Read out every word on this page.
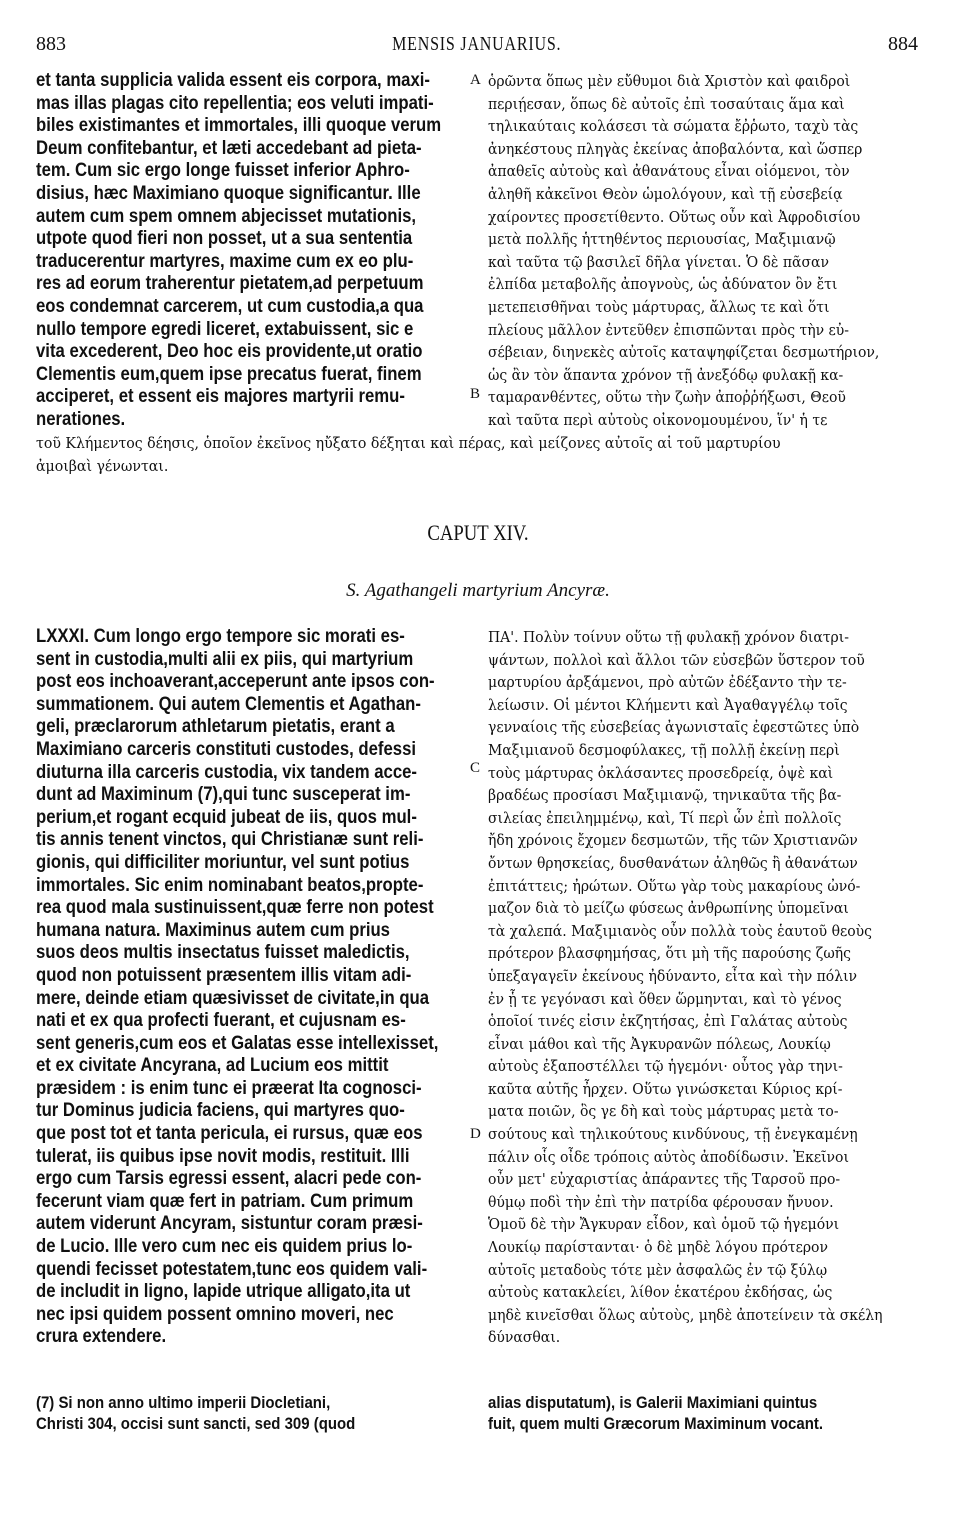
883	MENSIS JANUARIUS.	884
et tanta supplicia valida essent eis corpora, maxi-
mas illas plagas cito repellentia; eos veluti impati-
biles existimantes et immortales, illi quoque verum
Deum confitebantur, et læti accedebant ad pieta-
tem. Cum sic ergo longe fuisset inferior Aphro-
disius, hæc Maximiano quoque significantur. Ille
autem cum spem omnem abjecisset mutationis,
utpote quod fieri non posset, ut a sua sententia
traducerentur martyres, maxime cum ex eo plu-
res ad eorum traherentur pietatem,ad perpetuum
eos condemnat carcerem, ut cum custodia,a qua
nullo tempore egredi liceret, extabuissent, sic e
vita excederent, Deo hoc eis providente,ut oratio
Clementis eum,quem ipse precatus fuerat, finem
acciperet, et essent eis majores martyrii remu-
nerationes.
ὁρῶντα ὅπως μὲν εὔθυμοι διὰ Χριστὸν καὶ φαιδροὶ
περιῄεσαν, ὅπως δὲ αὐτοῖς ἐπὶ τοσαύταις ἅμα καὶ
τηλικαύταις κολάσεσι τὰ σώματα ἔῤῥωτο, ταχὺ τὰς
ἀνηκέστους πληγὰς ἐκείνας ἀποβαλόντα, καὶ ὥσπερ
ἀπαθεῖς αὐτοὺς καὶ ἀθανάτους εἶναι οἰόμενοι, τὸν
ἀληθῆ κἀκεῖνοι Θεὸν ὡμολόγουν, καὶ τῇ εὐσεβείᾳ
χαίροντες προσετίθεντο. Οὕτως οὖν καὶ Ἀφροδισίου
μετὰ πολλῆς ἡττηθέντος περιουσίας, Μαξιμιανῷ
καὶ ταῦτα τῷ βασιλεῖ δῆλα γίνεται. Ὁ δὲ πᾶσαν
ἐλπίδα μεταβολῆς ἀπογνοὺς, ὡς ἀδύνατον ὂν ἔτι
μετεπεισθῆναι τοὺς μάρτυρας, ἄλλως τε καὶ ὅτι
πλείους μᾶλλον ἐντεῦθεν ἐπισπῶνται πρὸς τὴν εὐ-
σέβειαν, διηνεκὲς αὐτοῖς καταψηφίζεται δεσμωτήριον,
ὡς ἂν τὸν ἅπαντα χρόνον τῇ ἀνεξόδῳ φυλακῇ κα-
ταμαρανθέντες, οὕτω τὴν ζωὴν ἀποῤῥήξωσι, Θεοῦ
καὶ ταῦτα περὶ αὐτοὺς οἰκονομουμένου, ἵν' ἡ τε
A
B
τοῦ Κλήμεντος δέησις, ὁποῖον ἐκεῖνος ηὔξατο δέξηται καὶ πέρας, καὶ μείζονες αὐτοῖς αἱ τοῦ μαρτυρίου
ἀμοιβαὶ γένωνται.
CAPUT XIV.
S. Agathangeli martyrium Ancyræ.
LXXXI. Cum longo ergo tempore sic morati es-
sent in custodia,multi alii ex piis, qui martyrium
post eos inchoaverant,acceperunt ante ipsos con-
summationem. Qui autem Clementis et Agathan-
geli, præclarorum athletarum pietatis, erant a
Maximiano carceris constituti custodes, defessi
diuturna illa carceris custodia, vix tandem acce-
dunt ad Maximinum (7),qui tunc susceperat im-
perium,et rogant ecquid jubeat de iis, quos mul-
tis annis tenent vinctos, qui Christianæ sunt reli-
gionis, qui difficiliter moriuntur, vel sunt potius
immortales. Sic enim nominabant beatos,propte-
rea quod mala sustinuissent,quæ ferre non potest
humana natura. Maximinus autem cum prius
suos deos multis insectatus fuisset maledictis,
quod non potuissent præsentem illis vitam adi-
mere, deinde etiam quæsivisset de civitate,in qua
nati et ex qua profecti fuerant, et cujusnam es-
sent generis,cum eos et Galatas esse intellexisset,
et ex civitate Ancyrana, ad Lucium eos mittit
præsidem : is enim tunc ei præerat Ita cognosci-
tur Dominus judicia faciens, qui martyres quo-
que post tot et tanta pericula, ei rursus, quæ eos
tulerat, iis quibus ipse novit modis, restituit. Illi
ergo cum Tarsis egressi essent, alacri pede con-
fecerunt viam quæ fert in patriam. Cum primum
autem viderunt Ancyram, sistuntur coram præsi-
de Lucio. Ille vero cum nec eis quidem prius lo-
quendi fecisset potestatem,tunc eos quidem vali-
de includit in ligno, lapide utrique alligato,ita ut
nec ipsi quidem possent omnino moveri, nec
crura extendere.
ΠΑ'. Πολὺν τοίνυν οὕτω τῇ φυλακῇ χρόνον διατρι-
ψάντων, πολλοὶ καὶ ἄλλοι τῶν εὐσεβῶν ὕστερον τοῦ
μαρτυρίου ἀρξάμενοι, πρὸ αὐτῶν ἐδέξαντο τὴν τε-
λείωσιν. Οἱ μέντοι Κλήμεντι καὶ Ἀγαθαγγέλῳ τοῖς
γενναίοις τῆς εὐσεβείας ἀγωνισταῖς ἐφεστῶτες ὑπὸ
Μαξιμιανοῦ δεσμοφύλακες, τῇ πολλῇ ἐκείνῃ περὶ
τοὺς μάρτυρας ὀκλάσαντες προσεδρείᾳ, ὀψὲ καὶ
βραδέως προσίασι Μαξιμιανῷ, τηνικαῦτα τῆς βα-
σιλείας ἐπειλημμένῳ, καὶ, Τί περὶ ὧν ἐπὶ πολλοῖς
ἤδη χρόνοις ἔχομεν δεσμωτῶν, τῆς τῶν Χριστιανῶν
ὄντων θρησκείας, δυσθανάτων ἀληθῶς ἢ ἀθανάτων
ἐπιτάττεις; ἠρώτων. Οὕτω γὰρ τοὺς μακαρίους ὠνό-
μαζον διὰ τὸ μείζω φύσεως ἀνθρωπίνης ὑπομεῖναι
τὰ χαλεπά. Μαξιμιανὸς οὖν πολλὰ τοὺς ἑαυτοῦ θεοὺς
πρότερον βλασφημήσας, ὅτι μὴ τῆς παρούσης ζωῆς
ὑπεξαγαγεῖν ἐκείνους ἠδύναντο, εἶτα καὶ τὴν πόλιν
ἐν ᾗ τε γεγόνασι καὶ ὅθεν ὥρμηνται, καὶ τὸ γένος
ὁποῖοί τινές εἰσιν ἐκζητήσας, ἐπὶ Γαλάτας αὐτοὺς
εἶναι μάθοι καὶ τῆς Ἀγκυρανῶν πόλεως, Λουκίῳ
αὐτοὺς ἐξαποστέλλει τῷ ἡγεμόνι· οὗτος γὰρ τηνι-
καῦτα αὐτῆς ἦρχεν. Οὕτω γινώσκεται Κύριος κρί-
ματα ποιῶν, ὃς γε δὴ καὶ τοὺς μάρτυρας μετὰ το-
σούτους καὶ τηλικούτους κινδύνους, τῇ ἐνεγκαμένῃ
πάλιν οἷς οἶδε τρόποις αὐτὸς ἀποδίδωσιν. Ἐκεῖνοι
οὖν μετ' εὐχαριστίας ἀπάραντες τῆς Ταρσοῦ προ-
θύμῳ ποδὶ τὴν ἐπὶ τὴν πατρίδα φέρουσαν ἤνυον.
Ὁμοῦ δὲ τὴν Ἄγκυραν εἶδον, καὶ ὁμοῦ τῷ ἡγεμόνι
Λουκίῳ παρίστανται· ὁ δὲ μηδὲ λόγου πρότερον
αὐτοῖς μεταδοὺς τότε μὲν ἀσφαλῶς ἐν τῷ ξύλῳ
αὐτοὺς κατακλείει, λίθον ἑκατέρου ἐκδήσας, ὡς
μηδὲ κινεῖσθαι ὅλως αὐτοὺς, μηδὲ ἀποτείνειν τὰ σκέλη
δύνασθαι.
C
D
(7) Si non anno ultimo imperii Diocletiani,
Christi 304, occisi sunt sancti, sed 309 (quod
alias disputatum), is Galerii Maximiani quintus
fuit, quem multi Græcorum Maximinum vocant.
